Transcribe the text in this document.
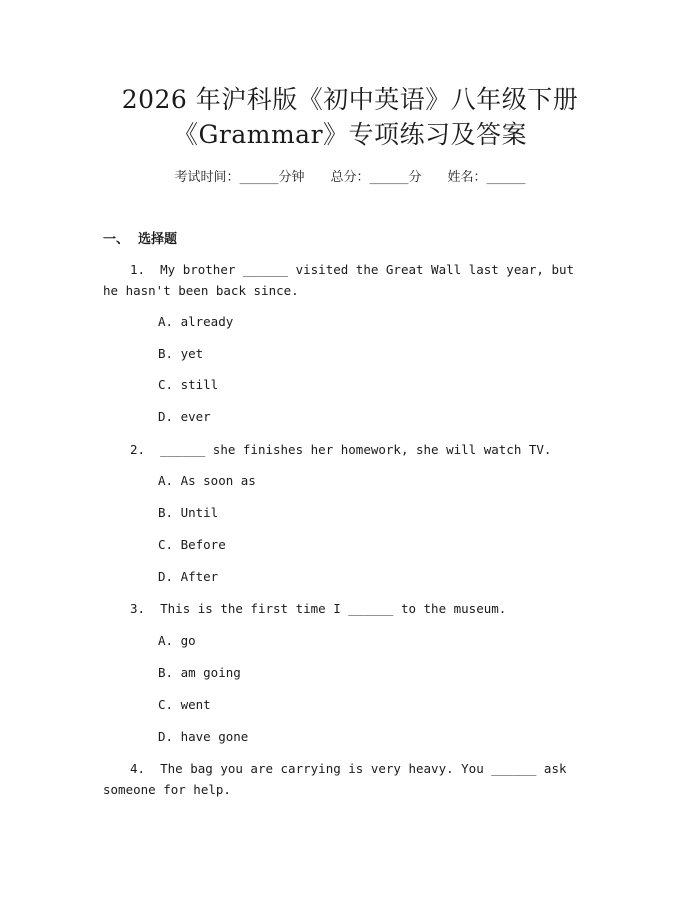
2026 年沪科版《初中英语》八年级下册
《Grammar》专项练习及答案
考试时间：______分钟 总分：______分 姓名：______
一、 选择题
1. My brother ______ visited the Great Wall last year, but he hasn't been back since.
A. already
B. yet
C. still
D. ever
2. ______ she finishes her homework, she will watch TV.
A. As soon as
B. Until
C. Before
D. After
3. This is the first time I ______ to the museum.
A. go
B. am going
C. went
D. have gone
4. The bag you are carrying is very heavy. You ______ ask someone for help.
